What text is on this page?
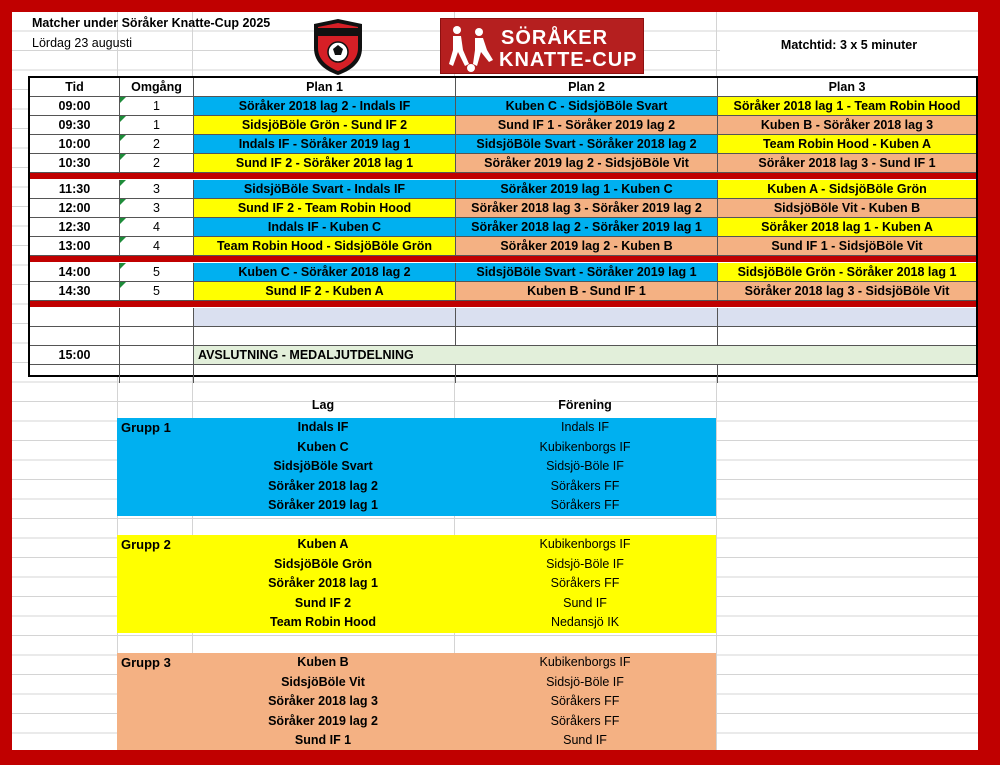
Matcher under Söråker Knatte-Cup 2025
Lördag 23 augusti	Matchtid: 3 x 5 minuter
SÖRÅKER
KNATTE-CUP
Tid	Omgång	Plan 1	Plan 2	Plan 3
09:00	1	Söråker 2018 lag 2 - Indals IF	Kuben C - SidsjöBöle Svart	Söråker 2018 lag 1 - Team Robin Hood
09:30	1	SidsjöBöle Grön - Sund IF 2	Sund IF 1 - Söråker 2019 lag 2	Kuben B - Söråker 2018 lag 3
10:00	2	Indals IF - Söråker 2019 lag 1	SidsjöBöle Svart - Söråker 2018 lag 2	Team Robin Hood - Kuben A
10:30	2	Sund IF 2 - Söråker 2018 lag 1	Söråker 2019 lag 2 - SidsjöBöle Vit	Söråker 2018 lag 3 - Sund IF 1
11:30	3	SidsjöBöle Svart - Indals IF	Söråker 2019 lag 1 - Kuben C	Kuben A - SidsjöBöle Grön
12:00	3	Sund IF 2 - Team Robin Hood	Söråker 2018 lag 3 - Söråker 2019 lag 2	SidsjöBöle Vit - Kuben B
12:30	4	Indals IF - Kuben C	Söråker 2018 lag 2 - Söråker 2019 lag 1	Söråker 2018 lag 1 - Kuben A
13:00	4	Team Robin Hood - SidsjöBöle Grön	Söråker 2019 lag 2 - Kuben B	Sund IF 1 - SidsjöBöle Vit
14:00	5	Kuben C - Söråker 2018 lag 2	SidsjöBöle Svart - Söråker 2019 lag 1	SidsjöBöle Grön - Söråker 2018 lag 1
14:30	5	Sund IF 2 - Kuben A	Kuben B - Sund IF 1	Söråker 2018 lag 3 - SidsjöBöle Vit
15:00	AVSLUTNING - MEDALJUTDELNING
Lag	Förening
Grupp 1	Indals IF	Indals IF
Kuben C	Kubikenborgs IF
SidsjöBöle Svart	Sidsjö-Böle IF
Söråker 2018 lag 2	Söråkers FF
Söråker 2019 lag 1	Söråkers FF
Grupp 2	Kuben A	Kubikenborgs IF
SidsjöBöle Grön	Sidsjö-Böle IF
Söråker 2018 lag 1	Söråkers FF
Sund IF 2	Sund IF
Team Robin Hood	Nedansjö IK
Grupp 3	Kuben B	Kubikenborgs IF
SidsjöBöle Vit	Sidsjö-Böle IF
Söråker 2018 lag 3	Söråkers FF
Söråker 2019 lag 2	Söråkers FF
Sund IF 1	Sund IF
